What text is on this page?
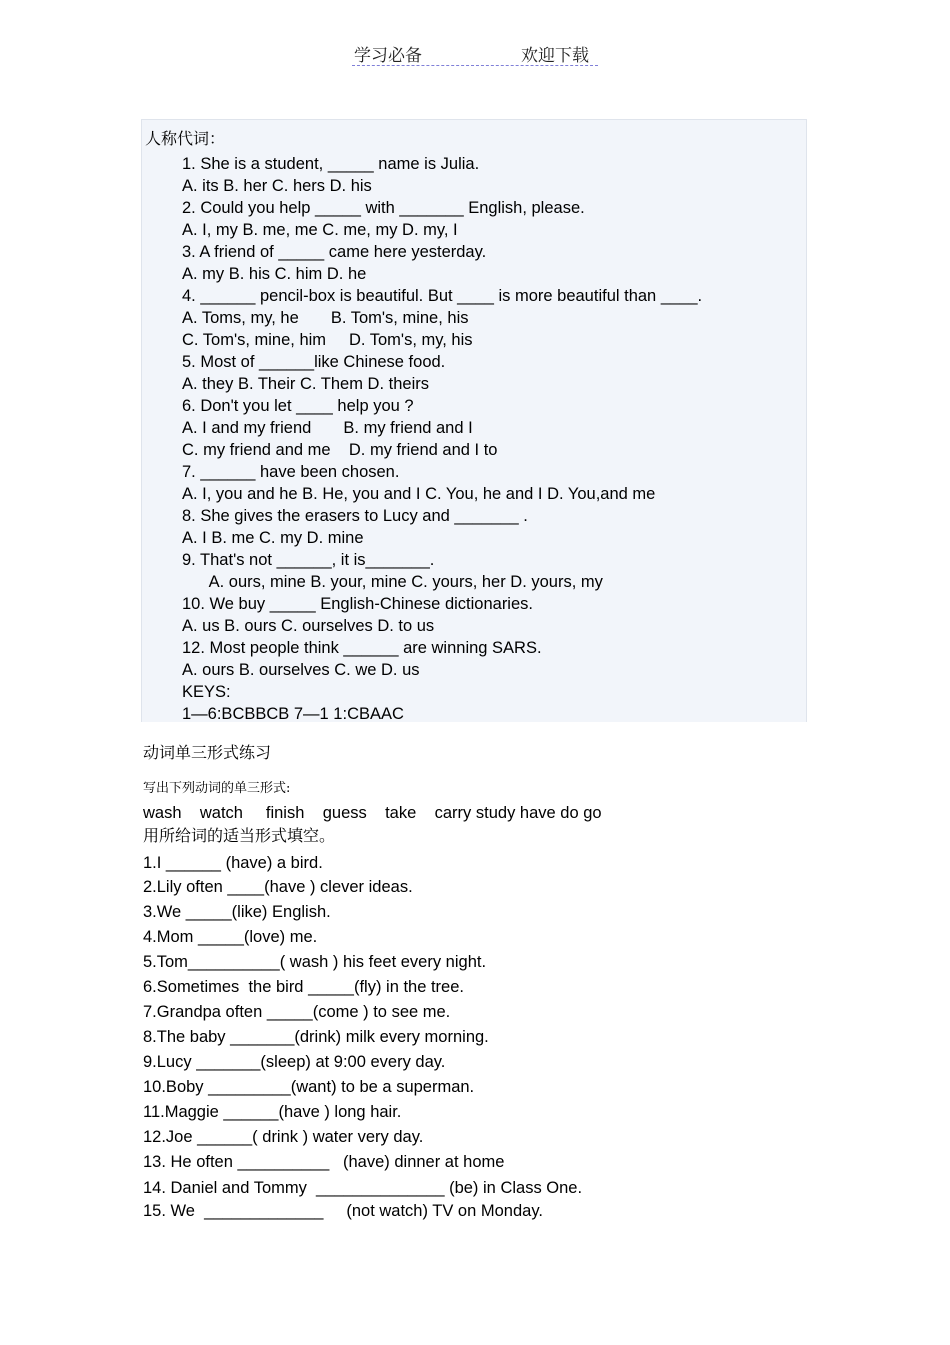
学习必备	欢迎下载
人称代词：
1. She is a student, _____ name is Julia.
A. its B. her C. hers D. his
2. Could you help _____ with _______ English, please.
A. I, my B. me, me C. me, my D. my, I
3. A friend of _____ came here yesterday.
A. my B. his C. him D. he
4. ______ pencil-box is beautiful. But ____ is more beautiful than ____.
A. Toms, my, he       B. Tom's, mine, his
C. Tom's, mine, him     D. Tom's, my, his
5. Most of ______like Chinese food.
A. they B. Their C. Them D. theirs
6. Don't you let ____ help you ?
A. I and my friend       B. my friend and I
C. my friend and me    D. my friend and I to
7. ______ have been chosen.
A. I, you and he B. He, you and I C. You, he and I D. You,and me
8. She gives the erasers to Lucy and _______ .
A. I B. me C. my D. mine
9. That's not ______, it is_______.
A. ours, mine B. your, mine C. yours, her D. yours, my
10. We buy _____ English-Chinese dictionaries.
A. us B. ours C. ourselves D. to us
12. Most people think ______ are winning SARS.
A. ours B. ourselves C. we D. us
KEYS:
1—6:BCBBCB 7—1 1:CBAAC
动词单三形式练习
写出下列动词的单三形式:
wash    watch     finish    guess    take    carry study have do go
用所给词的适当形式填空。
1.I ______ (have) a bird.
2.Lily often ____(have ) clever ideas.
3.We _____(like) English.
4.Mom _____(love) me.
5.Tom__________( wash ) his feet every night.
6.Sometimes  the bird _____(fly) in the tree.
7.Grandpa often _____(come ) to see me.
8.The baby _______(drink) milk every morning.
9.Lucy _______(sleep) at 9:00 every day.
10.Boby _________(want) to be a superman.
11.Maggie ______(have ) long hair.
12.Joe ______( drink ) water very day.
13. He often __________   (have) dinner at home
14. Daniel and Tommy  ______________ (be) in Class One.
15. We  _____________     (not watch) TV on Monday.
